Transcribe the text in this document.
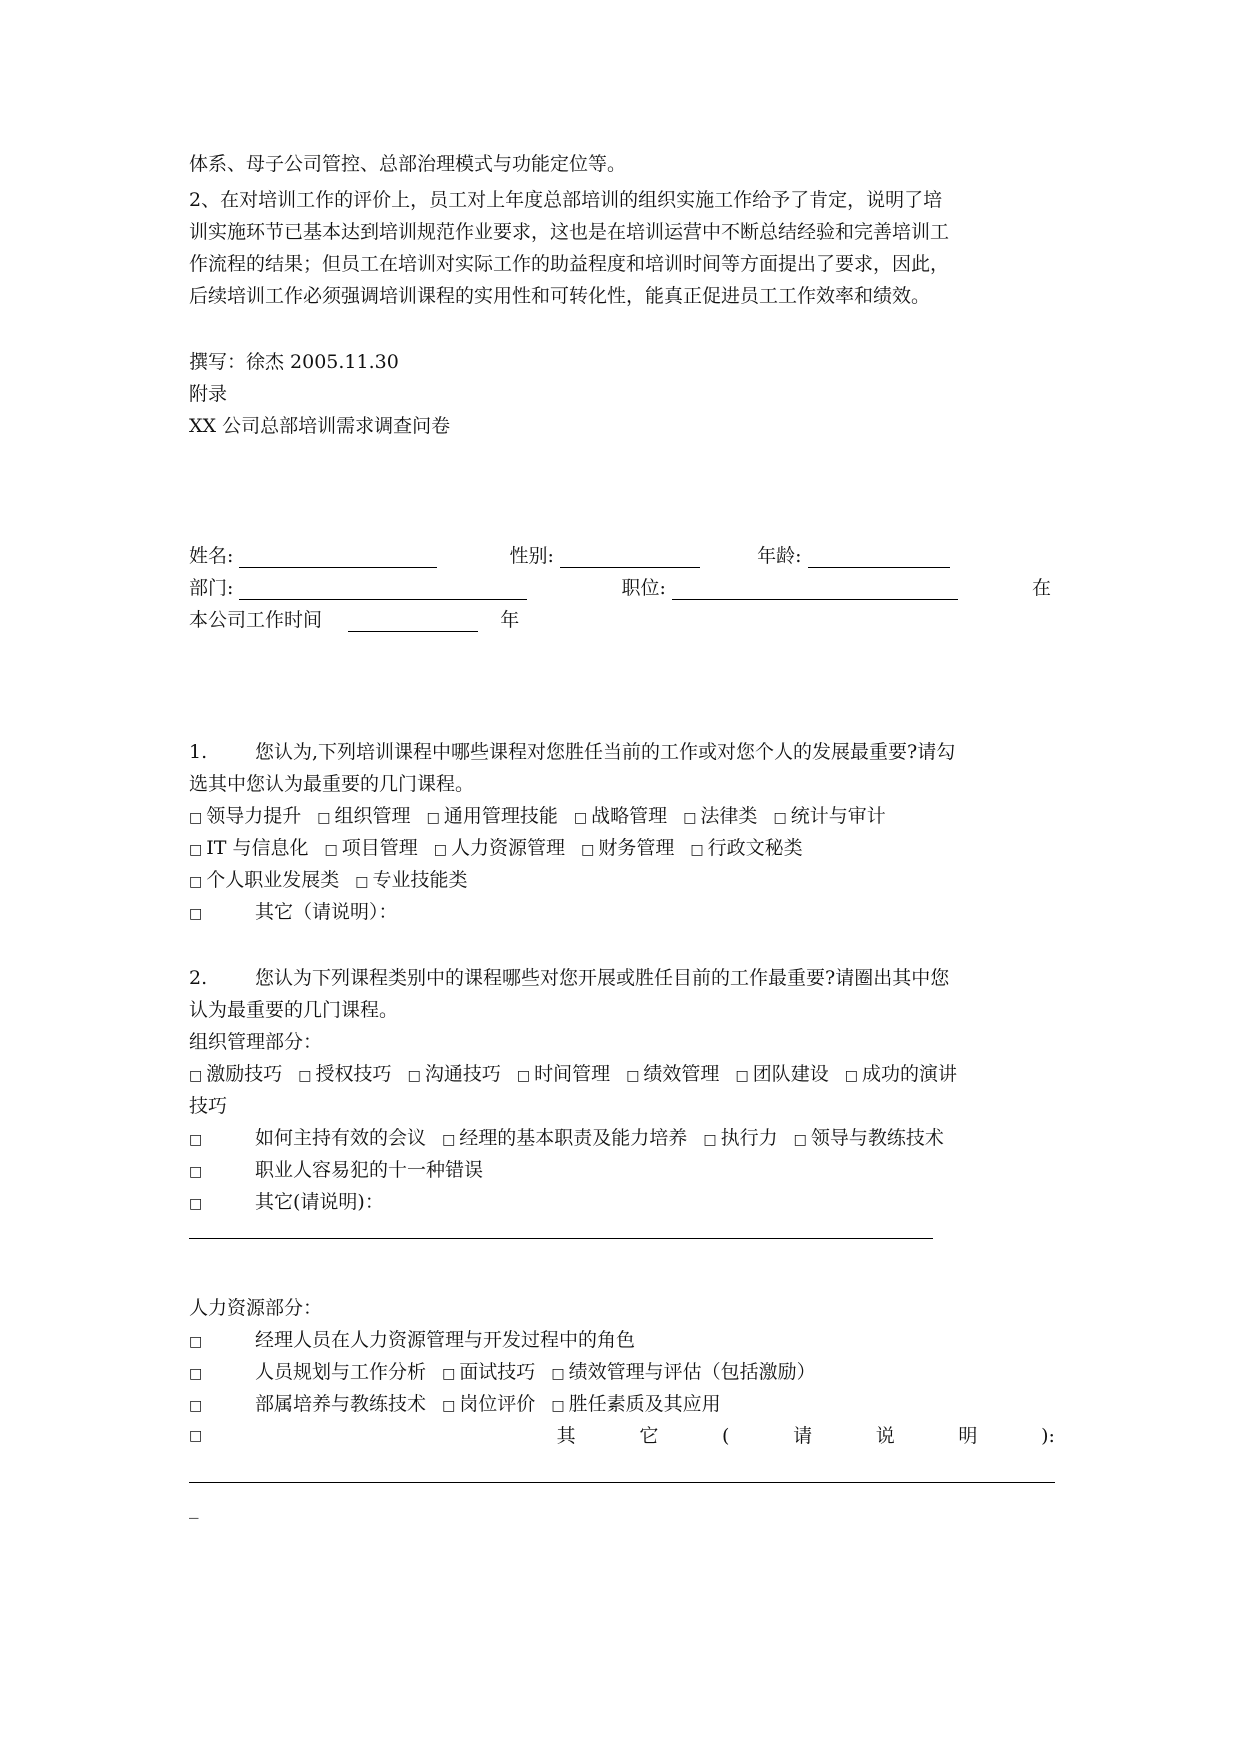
体系、母子公司管控、总部治理模式与功能定位等。
2、在对培训工作的评价上，员工对上年度总部培训的组织实施工作给予了肯定，说明了培
训实施环节已基本达到培训规范作业要求，这也是在培训运营中不断总结经验和完善培训工
作流程的结果；但员工在培训对实际工作的助益程度和培训时间等方面提出了要求，因此，
后续培训工作必须强调培训课程的实用性和可转化性，能真正促进员工工作效率和绩效。
撰写：徐杰 2005.11.30
附录
XX 公司总部培训需求调查问卷
姓名:	性别:	年龄:
部门:	职位:	在
本公司工作时间	年
1.	您认为,下列培训课程中哪些课程对您胜任当前的工作或对您个人的发展最重要?请勾
选其中您认为最重要的几门课程。
□ 领导力提升 □ 组织管理 □ 通用管理技能 □ 战略管理 □ 法律类 □ 统计与审计
□ IT 与信息化 □ 项目管理 □ 人力资源管理 □ 财务管理 □ 行政文秘类
□ 个人职业发展类 □ 专业技能类
□	其它（请说明）：
2.	您认为下列课程类别中的课程哪些对您开展或胜任目前的工作最重要?请圈出其中您
认为最重要的几门课程。
组织管理部分：
□ 激励技巧 □ 授权技巧 □ 沟通技巧 □ 时间管理 □ 绩效管理 □ 团队建设 □ 成功的演讲
技巧
□	如何主持有效的会议 □ 经理的基本职责及能力培养 □ 执行力 □ 领导与教练技术
□	职业人容易犯的十一种错误
□	其它(请说明)：
人力资源部分：
□	经理人员在人力资源管理与开发过程中的角色
□	人员规划与工作分析 □ 面试技巧 □ 绩效管理与评估（包括激励）
□	部属培养与教练技术 □ 岗位评价 □ 胜任素质及其应用
□	其	它	(	请	说	明	):
_
